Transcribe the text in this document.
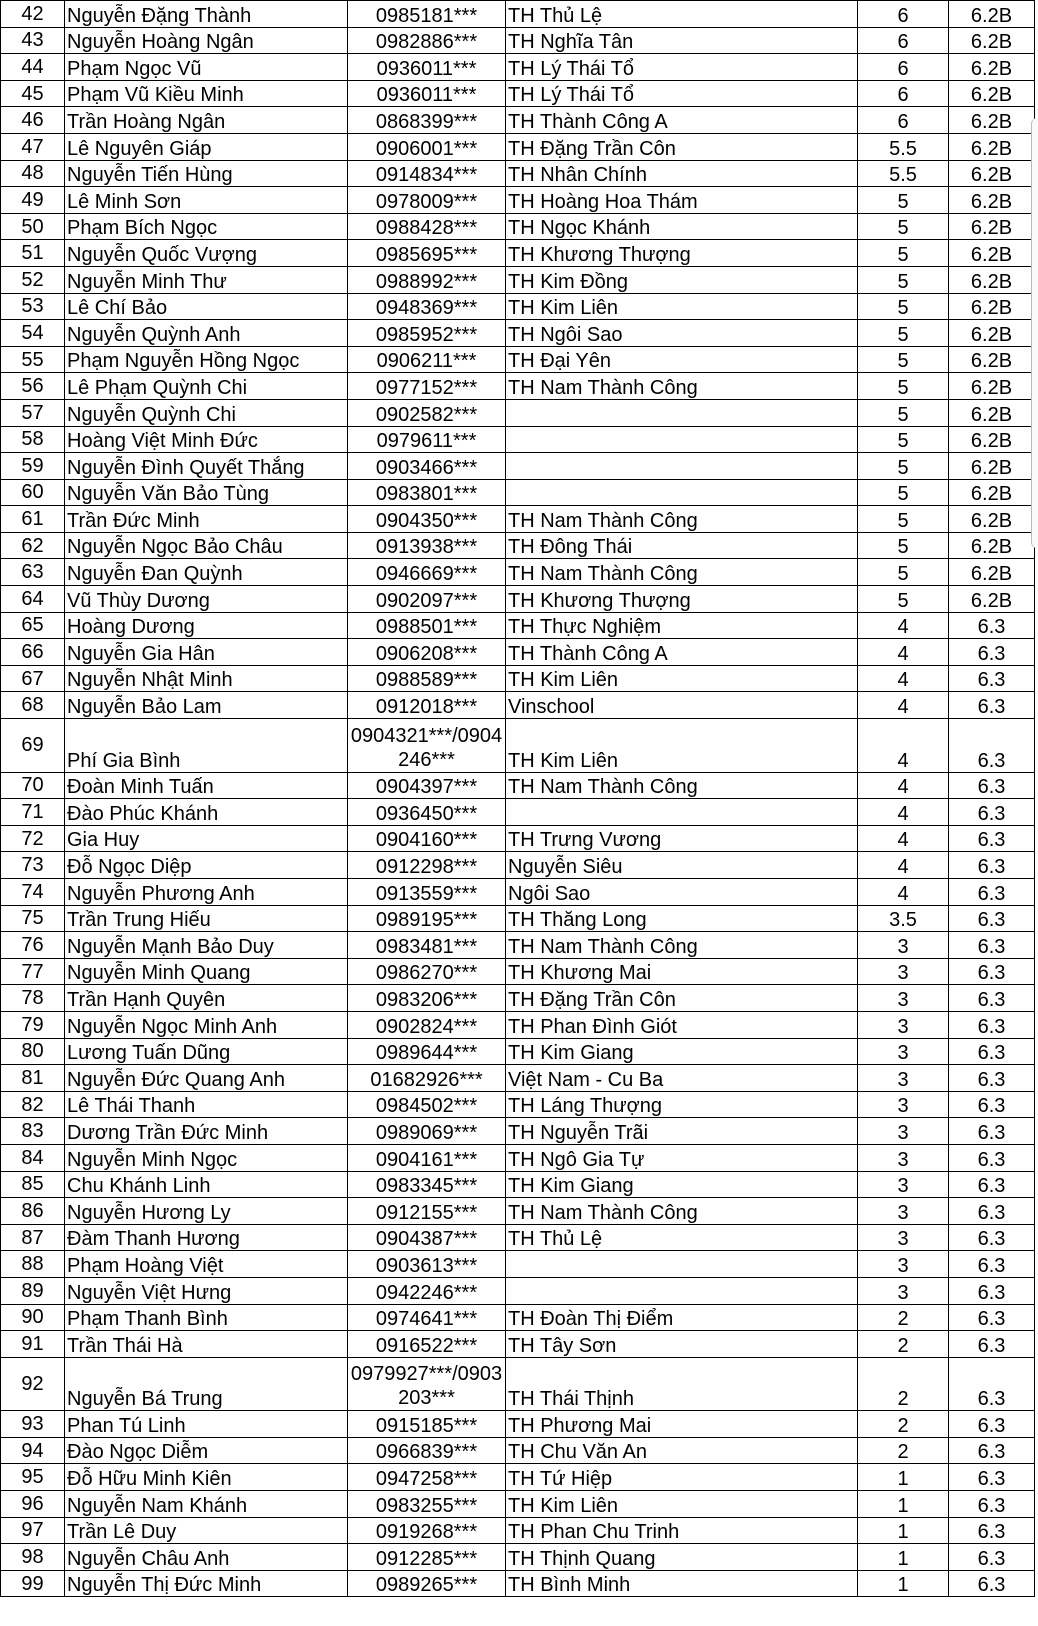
42	Nguyễn Đặng Thành	0985181***	TH Thủ Lệ	6	6.2B
43	Nguyễn Hoàng Ngân	0982886***	TH Nghĩa Tân	6	6.2B
44	Phạm Ngọc Vũ	0936011***	TH Lý Thái Tổ	6	6.2B
45	Phạm Vũ Kiều Minh	0936011***	TH Lý Thái Tổ	6	6.2B
46	Trần Hoàng Ngân	0868399***	TH Thành Công A	6	6.2B
47	Lê Nguyên Giáp	0906001***	TH Đặng Trần Côn	5.5	6.2B
48	Nguyễn Tiến Hùng	0914834***	TH Nhân Chính	5.5	6.2B
49	Lê Minh Sơn	0978009***	TH Hoàng Hoa Thám	5	6.2B
50	Phạm Bích Ngọc	0988428***	TH Ngọc Khánh	5	6.2B
51	Nguyễn Quốc Vượng	0985695***	TH Khương Thượng	5	6.2B
52	Nguyễn Minh Thư	0988992***	TH Kim Đồng	5	6.2B
53	Lê Chí Bảo	0948369***	TH Kim Liên	5	6.2B
54	Nguyễn Quỳnh Anh	0985952***	TH Ngôi Sao	5	6.2B
55	Phạm Nguyễn Hồng Ngọc	0906211***	TH Đại Yên	5	6.2B
56	Lê Phạm Quỳnh Chi	0977152***	TH Nam Thành Công	5	6.2B
57	Nguyễn Quỳnh Chi	0902582***		5	6.2B
58	Hoàng Việt Minh Đức	0979611***		5	6.2B
59	Nguyễn Đình Quyết Thắng	0903466***		5	6.2B
60	Nguyễn Văn Bảo Tùng	0983801***		5	6.2B
61	Trần Đức Minh	0904350***	TH Nam Thành Công	5	6.2B
62	Nguyễn Ngọc Bảo Châu	0913938***	TH Đông Thái	5	6.2B
63	Nguyễn Đan Quỳnh	0946669***	TH Nam Thành Công	5	6.2B
64	Vũ Thùy Dương	0902097***	TH Khương Thượng	5	6.2B
65	Hoàng Dương	0988501***	TH Thực Nghiệm	4	6.3
66	Nguyễn Gia Hân	0906208***	TH Thành Công A	4	6.3
67	Nguyễn Nhật Minh	0988589***	TH Kim Liên	4	6.3
68	Nguyễn Bảo Lam	0912018***	Vinschool	4	6.3
69	Phí Gia Bình	0904321***/0904246***	TH Kim Liên	4	6.3
70	Đoàn Minh Tuấn	0904397***	TH Nam Thành Công	4	6.3
71	Đào Phúc Khánh	0936450***		4	6.3
72	Gia Huy	0904160***	TH Trưng Vương	4	6.3
73	Đỗ Ngọc Diệp	0912298***	Nguyễn Siêu	4	6.3
74	Nguyễn Phương Anh	0913559***	Ngôi Sao	4	6.3
75	Trần Trung Hiếu	0989195***	TH Thăng Long	3.5	6.3
76	Nguyễn Mạnh Bảo Duy	0983481***	TH Nam Thành Công	3	6.3
77	Nguyễn Minh Quang	0986270***	TH Khương Mai	3	6.3
78	Trần Hạnh Quyên	0983206***	TH Đặng Trần Côn	3	6.3
79	Nguyễn Ngọc Minh Anh	0902824***	TH Phan Đình Giót	3	6.3
80	Lương Tuấn Dũng	0989644***	TH Kim Giang	3	6.3
81	Nguyễn Đức Quang Anh	01682926***	Việt Nam - Cu Ba	3	6.3
82	Lê Thái Thanh	0984502***	TH Láng Thượng	3	6.3
83	Dương Trần Đức Minh	0989069***	TH Nguyễn Trãi	3	6.3
84	Nguyễn Minh Ngọc	0904161***	TH Ngô Gia Tự	3	6.3
85	Chu Khánh Linh	0983345***	TH Kim Giang	3	6.3
86	Nguyễn Hương Ly	0912155***	TH Nam Thành Công	3	6.3
87	Đàm Thanh Hương	0904387***	TH Thủ Lệ	3	6.3
88	Phạm Hoàng Việt	0903613***		3	6.3
89	Nguyễn Việt Hưng	0942246***		3	6.3
90	Phạm Thanh Bình	0974641***	TH Đoàn Thị Điểm	2	6.3
91	Trần Thái Hà	0916522***	TH Tây Sơn	2	6.3
92	Nguyễn Bá Trung	0979927***/0903203***	TH Thái Thịnh	2	6.3
93	Phan Tú Linh	0915185***	TH Phương Mai	2	6.3
94	Đào Ngọc Diễm	0966839***	TH Chu Văn An	2	6.3
95	Đỗ Hữu Minh Kiên	0947258***	TH Tứ Hiệp	1	6.3
96	Nguyễn Nam Khánh	0983255***	TH Kim Liên	1	6.3
97	Trần Lê Duy	0919268***	TH Phan Chu Trinh	1	6.3
98	Nguyễn Châu Anh	0912285***	TH Thịnh Quang	1	6.3
99	Nguyễn Thị Đức Minh	0989265***	TH Bình Minh	1	6.3
